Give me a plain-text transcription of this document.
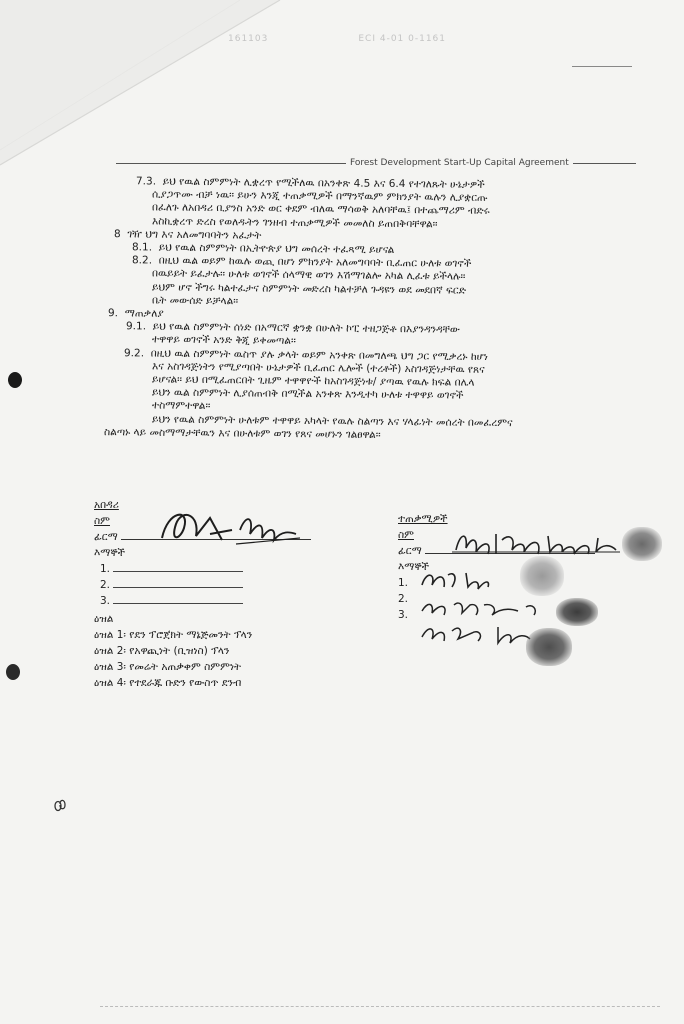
161103	ECI 4-01 0-1161
Forest Development Start-Up Capital Agreement
7.3. ይህ የዉል ስምምነት ሊቋረጥ የሚችለዉ በአንቀጽ 4.5 እና 6.4 የተገለጹት ሁኔታዎች
ሲያጋጥሙ ብቻ ነዉ። ይሁን እንጂ ተጠቃሚዎች በማንኛዉም ምክንያት ዉሉን ሊያቋርጡ
በፈለጉ ለአበዳሪ ቢያንስ አንድ ወር ቀደም ብለዉ ማሳወቅ አለባቸዉ፤ በተጨማሪም ብድሩ
እስኪቋረጥ ድረስ የወለዱትን ገንዘብ ተጠቃሚዎች መመለስ ይጠበቅባቸዋል።
8 ገዥ ህግ እና አለመግባባትን አፈታት
8.1. ይህ የዉል ስምምነት በኢትዮጵያ ህግ መሰረት ተፈጻሚ ይሆናል
8.2. በዚህ ዉል ወይም ከዉሉ ወጪ በሆነ ምክንያት አለመግባባት ቢፈጠር ሁለቱ ወገኖች
በዉይይት ይፈታሉ። ሁለቱ ወገኖች ሰላማዊ ወገን እሽማገልሎ አካል ሊፈቱ ይችላሉ።
ይህም ሆኖ ችግሩ ካልተፈታና ስምምነት መድረስ ካልተቻለ ጉዳዩን ወደ መደበኛ ፍርድ
ቤት መውሰድ ይቻላል።
9. ማጠቃለያ
9.1. ይህ የዉል ስምምነት ሰነድ በአማርኛ ቋንቋ በሁለት ኮፒ ተዘጋጅቶ በእያንዳንዳቸው
ተዋዋይ ወገኖች አንድ ቅጂ ይቀመጣል።
9.2. በዚህ ዉል ስምምነት ዉስጥ ያሉ ቃላት ወይም አንቀጽ በመግለጫ ህግ ጋር የሚቃረኑ ከሆነ
እና አስገዳጅነትን የሚያጣበት ሁኔታዎች ቢፈጠር ሌሎች (ተረቶች) አስገዳጅነታቸዉ የጸና
ይሆናል። ይህ በሚፈጠርበት ጊዜም ተዋዋዮች ከአስገዳጅነቱ/ ያጣዉ የዉሉ ክፍል በሌላ
ይህን ዉል ስምምነት ሊያሰጠብቅ በሚችል አንቀጽ እንዲተካ ሁለቱ ተዋዋይ ወገኖች
ተስማምተዋል።
ይህን የዉል ስምምነት ሁለቱም ተዋዋይ አካላት የዉሉ ስልጣን እና ሃላፊነት መሰረት በመፈረምና
ስልጣኑ ላይ መስማማታቸዉን እና በሁለቱም ወገን የጸና መሆኑን ገልፀዋል።
አበዳሪ
ስም
ፊርማ
እማኞች
1.
2.
3.
ዕዝል
ዕዝል 1፡ የደን ፕሮጀክት ማኔጅመንት ፕላን
ዕዝል 2፡ የአዋጪነት (ቢዝነስ) ፕላን
ዕዝል 3፡ የመሬት አጠቃቀም ስምምነት
ዕዝል 4፡ የተደራጁ ቡድን የውስጥ ደንብ
ተጠቃሚዎች
ስም
ፊርማ
እማኞች
1.
2.
3.
